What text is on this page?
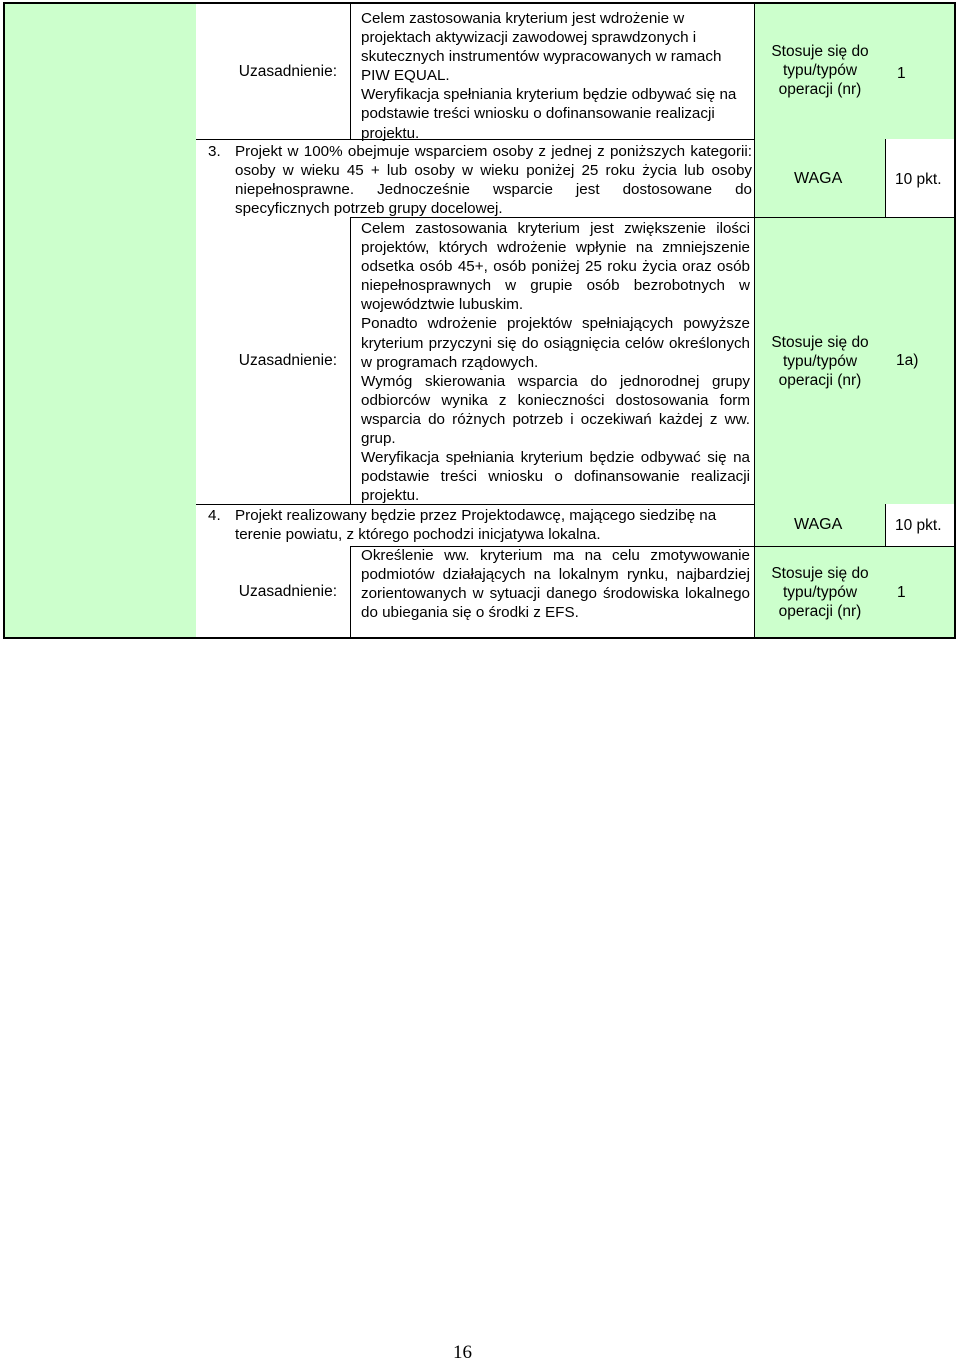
Uzasadnienie:

Celem zastosowania kryterium jest wdrożenie w projektach aktywizacji zawodowej sprawdzonych i skutecznych instrumentów wypracowanych w ramach PIW EQUAL.

Weryfikacja spełniania kryterium będzie odbywać się na podstawie treści wniosku o dofinansowanie realizacji projektu.

Stosuje się do
typu/typów
operacji (nr)
1
3. Projekt w 100% obejmuje wsparciem osoby z jednej z poniższych kategorii: osoby w wieku 45 + lub osoby w wieku poniżej 25 roku życia lub osoby niepełnosprawne. Jednocześnie wsparcie jest dostosowane do specyficznych potrzeb grupy docelowej.
WAGA	10 pkt.
Uzasadnienie:

Celem zastosowania kryterium jest zwiększenie ilości projektów, których wdrożenie wpłynie na zmniejszenie odsetka osób 45+, osób poniżej 25 roku życia oraz osób niepełnosprawnych w grupie osób bezrobotnych w województwie lubuskim.

Ponadto wdrożenie projektów spełniających powyższe kryterium przyczyni się do osiągnięcia celów określonych w programach rządowych.

Wymóg skierowania wsparcia do jednorodnej grupy odbiorców wynika z konieczności dostosowania form wsparcia do różnych potrzeb i oczekiwań każdej z ww. grup.

Weryfikacja spełniania kryterium będzie odbywać się na podstawie treści wniosku o dofinansowanie realizacji projektu.

Stosuje się do
typu/typów
operacji (nr)
1a)
4. Projekt realizowany będzie przez Projektodawcę, mającego siedzibę na terenie powiatu, z którego pochodzi inicjatywa lokalna.
WAGA	10 pkt.
Uzasadnienie:

Określenie ww. kryterium ma na celu zmotywowanie podmiotów działających na lokalnym rynku, najbardziej zorientowanych w sytuacji danego środowiska lokalnego do ubiegania się o środki z EFS.

Stosuje się do
typu/typów
operacji (nr)
1
16
